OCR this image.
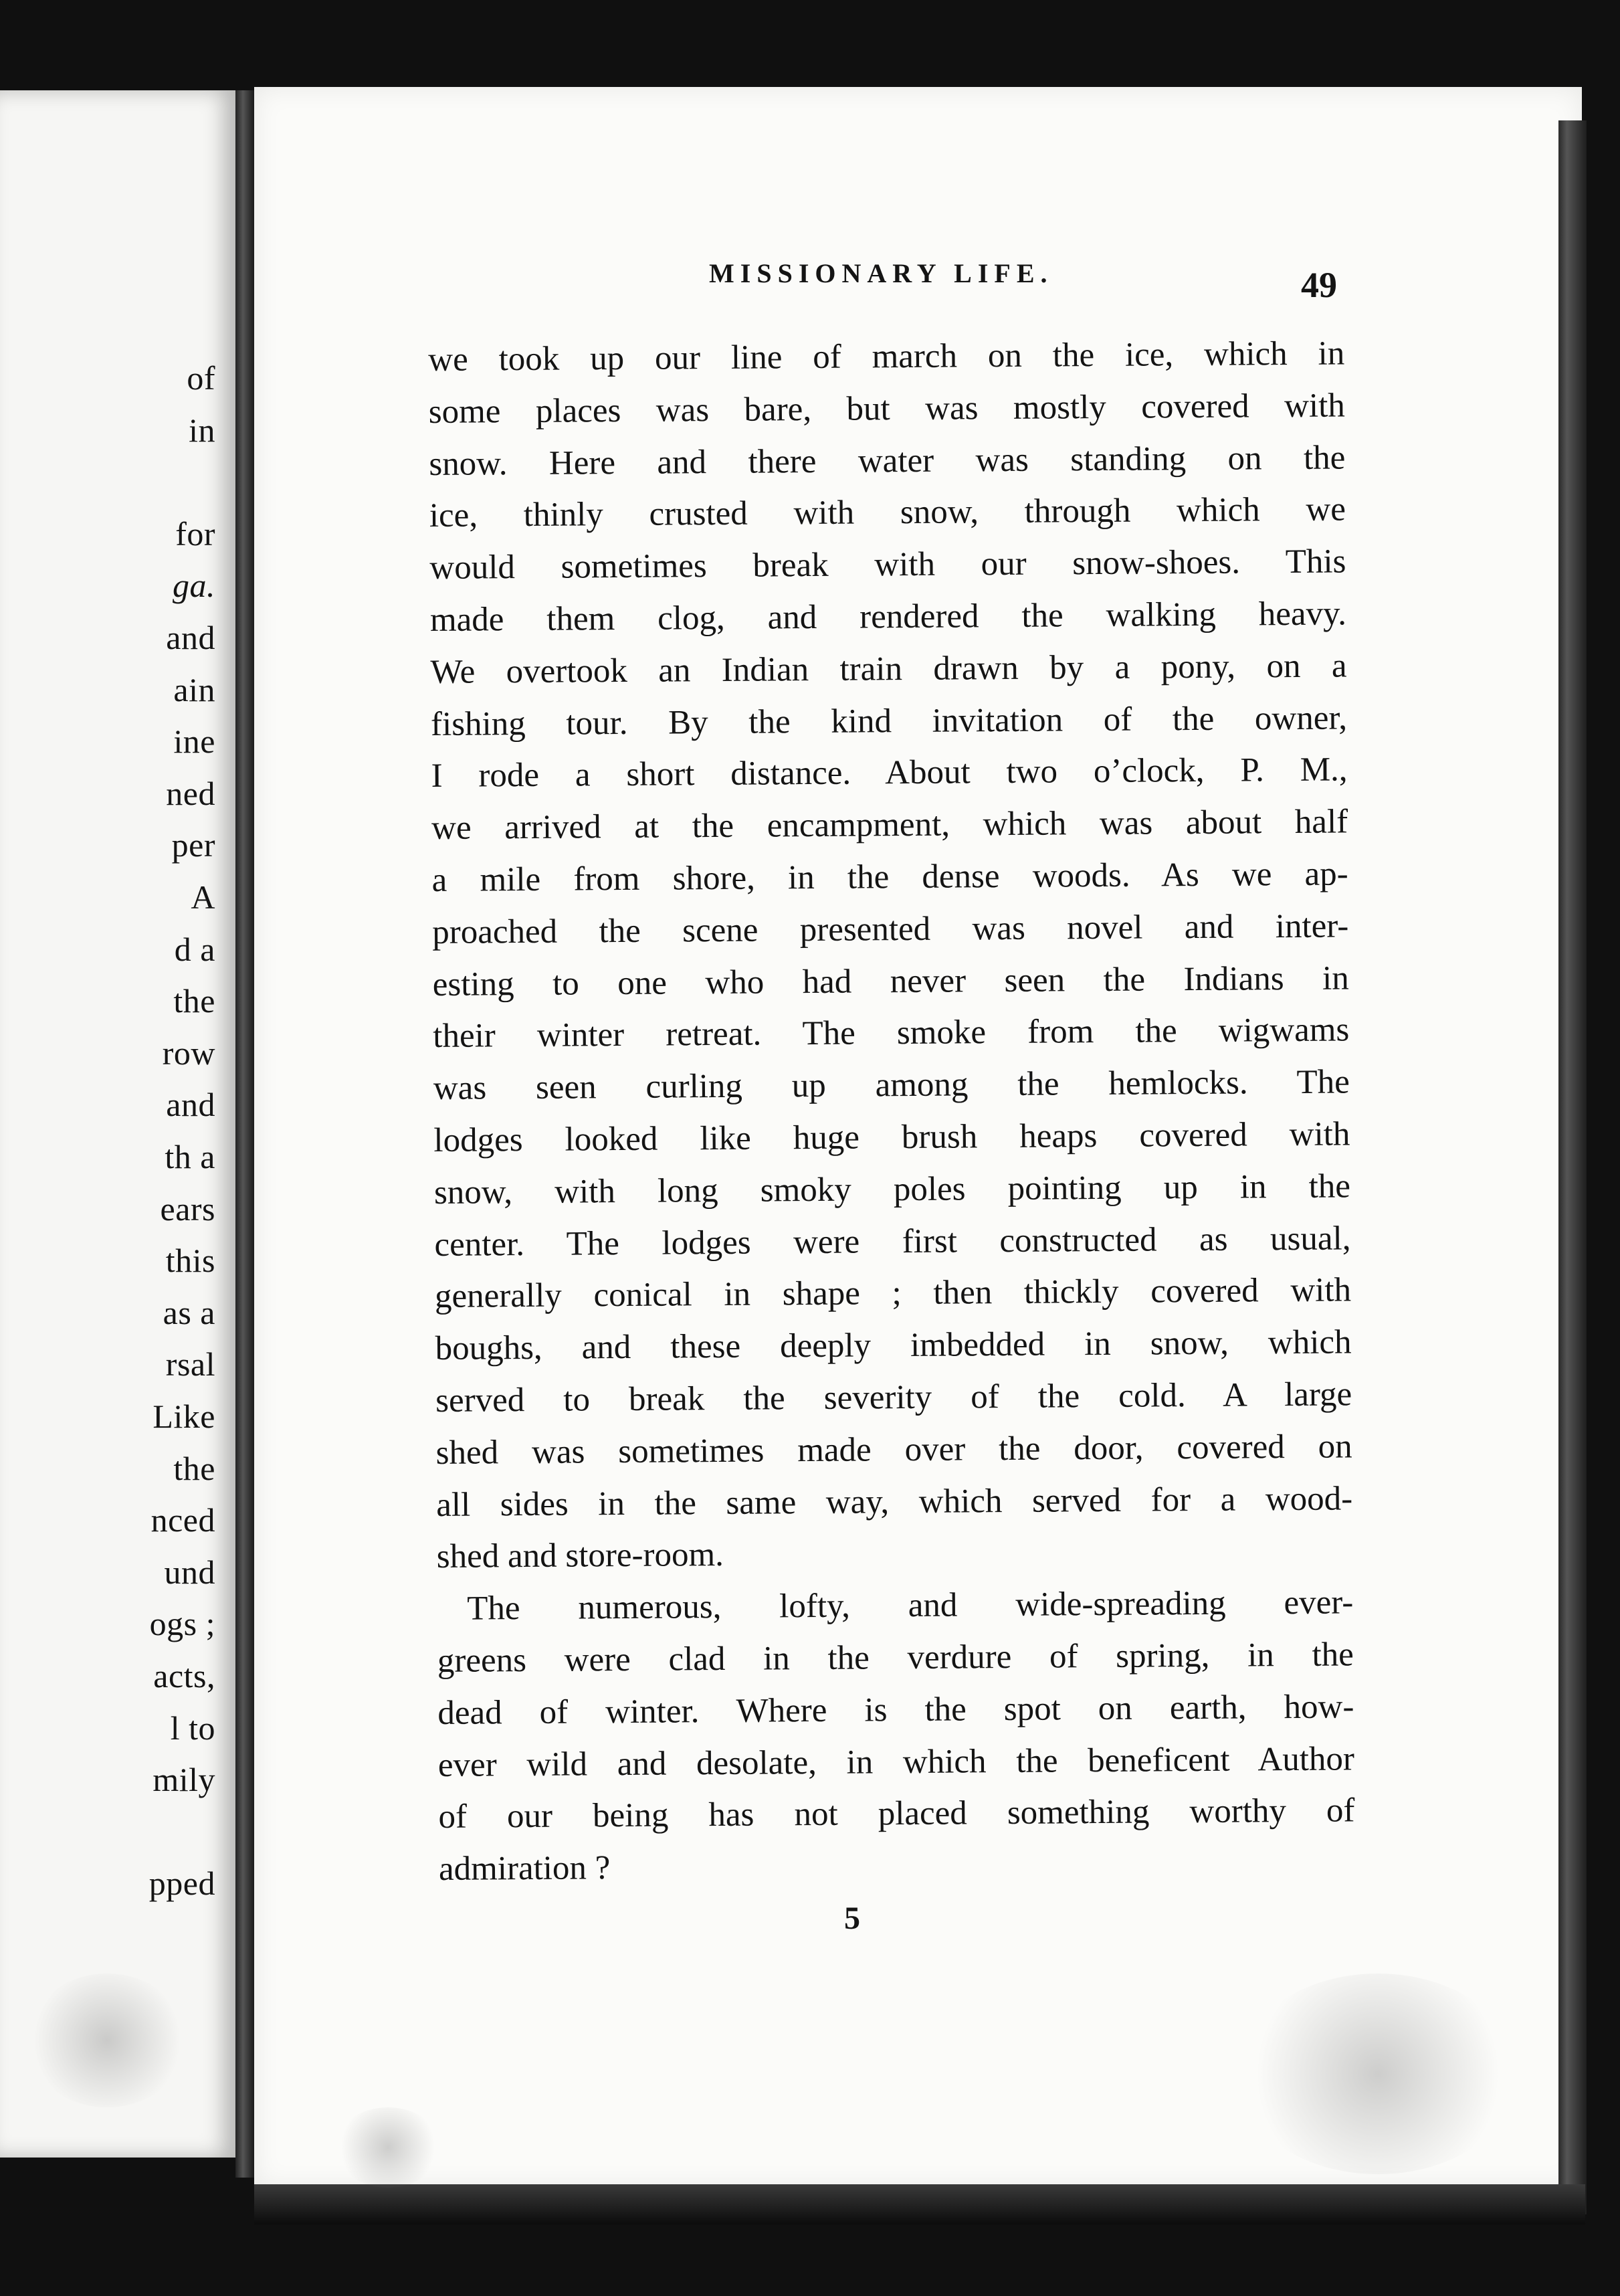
of
in
for
ga.
and
ain
ine
ned
per
A
d a
the
row
and
th a
ears
this
as a
rsal
Like
the
nced
und
ogs ;
acts,
l to
mily
pped
MISSIONARY LIFE.	49
we took up our line of march on the ice, which in
some places was bare, but was mostly covered with
snow. Here and there water was standing on the
ice, thinly crusted with snow, through which we
would sometimes break with our snow-shoes. This
made them clog, and rendered the walking heavy.
We overtook an Indian train drawn by a pony, on a
fishing tour. By the kind invitation of the owner,
I rode a short distance. About two o’clock, P. M.,
we arrived at the encampment, which was about half
a mile from shore, in the dense woods. As we ap-
proached the scene presented was novel and inter-
esting to one who had never seen the Indians in
their winter retreat. The smoke from the wigwams
was seen curling up among the hemlocks. The
lodges looked like huge brush heaps covered with
snow, with long smoky poles pointing up in the
center. The lodges were first constructed as usual,
generally conical in shape ; then thickly covered with
boughs, and these deeply imbedded in snow, which
served to break the severity of the cold. A large
shed was sometimes made over the door, covered on
all sides in the same way, which served for a wood-
shed and store-room.
The numerous, lofty, and wide-spreading ever-
greens were clad in the verdure of spring, in the
dead of winter. Where is the spot on earth, how-
ever wild and desolate, in which the beneficent Author
of our being has not placed something worthy of
admiration ?
5
